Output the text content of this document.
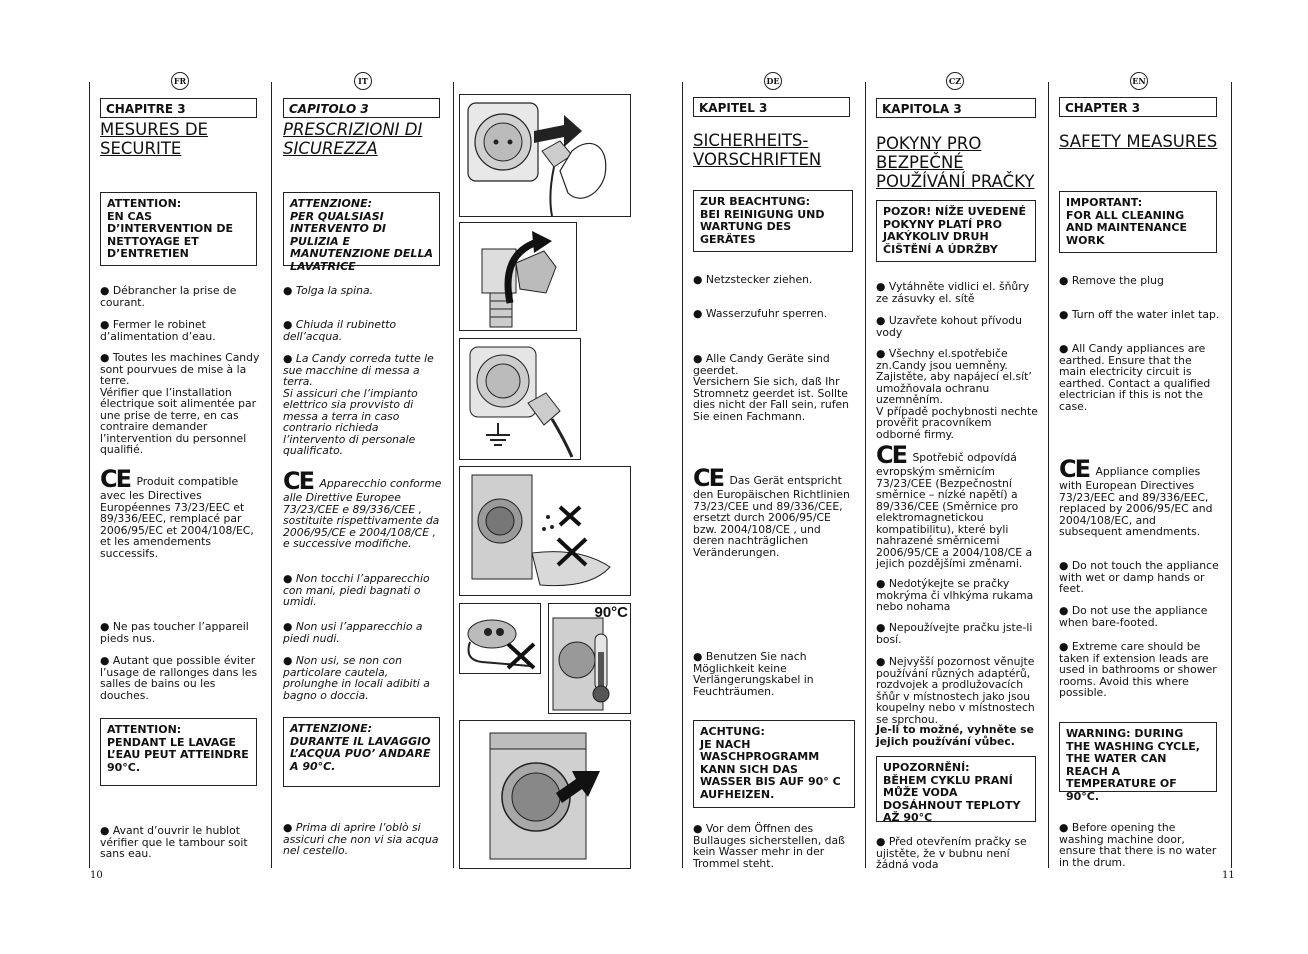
FR	IT	DE	CZ	EN
CHAPITRE 3
MESURES DE SECURITE
ATTENTION:
EN CAS D’INTERVENTION DE NETTOYAGE ET D’ENTRETIEN
● Débrancher la prise de courant.
● Fermer le robinet d’alimentation d’eau.
● Toutes les machines Candy sont pourvues de mise à la terre.
Vérifier que l’installation électrique soit alimentée par une prise de terre, en cas contraire demander l’intervention du personnel qualifié.
CE Produit compatible avec les Directives Européennes 73/23/EEC et 89/336/EEC, remplacé par 2006/95/EC et 2004/108/EC, et les amendements successifs.
● Ne pas toucher l’appareil pieds nus.
● Autant que possible éviter l’usage de rallonges dans les salles de bains ou les douches.
ATTENTION:
PENDANT LE LAVAGE L’EAU PEUT ATTEINDRE 90°C.
● Avant d’ouvrir le hublot vérifier que le tambour soit sans eau.
CAPITOLO 3
PRESCRIZIONI DI SICUREZZA
ATTENZIONE:
PER QUALSIASI INTERVENTO DI PULIZIA E MANUTENZIONE DELLA LAVATRICE
● Tolga la spina.
● Chiuda il rubinetto dell’acqua.
● La Candy correda tutte le sue macchine di messa a terra.
Si assicuri che l’impianto elettrico sia provvisto di messa a terra in caso contrario richieda l’intervento di personale qualificato.
CE Apparecchio conforme alle Direttive Europee 73/23/CEE e 89/336/CEE , sostituite rispettivamente da 2006/95/CE e 2004/108/CE , e successive modifiche.
● Non tocchi l’apparecchio con mani, piedi bagnati o umidi.
● Non usi l’apparecchio a piedi nudi.
● Non usi, se non con particolare cautela, prolunghe in locali adibiti a bagno o doccia.
ATTENZIONE:
DURANTE IL LAVAGGIO L’ACQUA PUO’ ANDARE A 90°C.
● Prima di aprire l’oblò si assicuri che non vi sia acqua nel cestello.
90°C
KAPITEL 3
SICHERHEITS-VORSCHRIFTEN
ZUR BEACHTUNG:
BEI REINIGUNG UND WARTUNG DES GERÄTES
● Netzstecker ziehen.
● Wasserzufuhr sperren.
● Alle Candy Geräte sind geerdet.
Versichern Sie sich, daß Ihr Stromnetz geerdet ist. Sollte dies nicht der Fall sein, rufen Sie einen Fachmann.
CE Das Gerät entspricht den Europäischen Richtlinien 73/23/CEE und 89/336/CEE, ersetzt durch 2006/95/CE bzw. 2004/108/CE , und deren nachträglichen Veränderungen.
● Benutzen Sie nach Möglichkeit keine Verlängerungskabel in Feuchträumen.
ACHTUNG:
JE NACH WASCHPROGRAMM KANN SICH DAS WASSER BIS AUF 90° C AUFHEIZEN.
● Vor dem Öffnen des Bullauges sicherstellen, daß kein Wasser mehr in der Trommel steht.
KAPITOLA 3
POKYNY PRO BEZPEČNÉ POUŽÍVÁNÍ PRAČKY
POZOR! NÍŽE UVEDENÉ POKYNY PLATÍ PRO JAKÝKOLIV DRUH ČIŠTĚNÍ A ÚDRŽBY
● Vytáhněte vidlici el. šňůry ze zásuvky el. sítě
● Uzavřete kohout přívodu vody
● Všechny el.spotřebiče zn.Candy jsou uemněny. Zajistěte, aby napájecí el.sít’ umožňovala ochranu uzemněním.
V případě pochybnosti nechte prověřit pracovníkem odborné firmy.
CE Spotřebič odpovídá evropským směrnicím 73/23/CEE (Bezpečnostní směrnice – nízké napětí) a 89/336/CEE (Směrnice pro elektromagnetickou kompatibilitu), které byli nahrazené směrnicemi 2006/95/CE a 2004/108/CE a jejich pozdějšími změnami.
● Nedotýkejte se pračky mokrýma či vlhkýma rukama nebo nohama
● Nepoužívejte pračku jste-li bosí.
● Nejvyšší pozornost věnujte používání různých adaptérů, rozdvojek a prodlužovacích šňůr v místnostech jako jsou koupelny nebo v místnostech se sprchou.
Je-li to možné, vyhněte se jejich používání vůbec.
UPOZORNĚNÍ:
BĚHEM CYKLU PRANÍ MŮŽE VODA DOSÁHNOUT TEPLOTY AŽ 90°C
● Před otevřením pračky se ujistěte, že v bubnu není žádná voda
CHAPTER 3
SAFETY MEASURES
IMPORTANT:
FOR ALL CLEANING AND MAINTENANCE WORK
● Remove the plug
● Turn off the water inlet tap.
● All Candy appliances are earthed. Ensure that the main electricity circuit is earthed. Contact a qualified electrician if this is not the case.
CE Appliance complies with European Directives 73/23/EEC and 89/336/EEC, replaced by 2006/95/EC and 2004/108/EC, and subsequent amendments.
● Do not touch the appliance with wet or damp hands or feet.
● Do not use the appliance when bare-footed.
● Extreme care should be taken if extension leads are used in bathrooms or shower rooms. Avoid this where possible.
WARNING: DURING THE WASHING CYCLE, THE WATER CAN REACH A TEMPERATURE OF 90°C.
● Before opening the washing machine door, ensure that there is no water in the drum.
10	11
